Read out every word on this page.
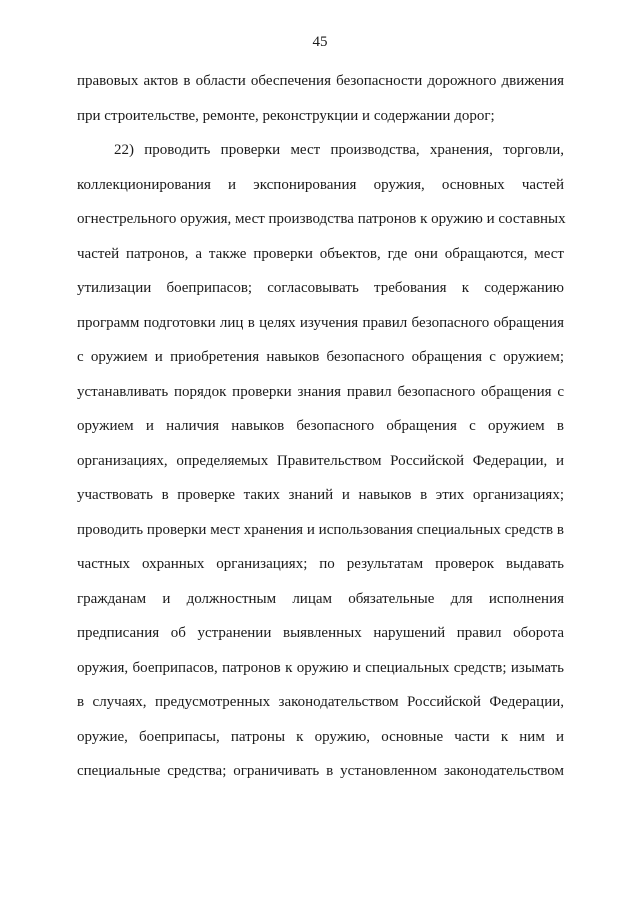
45
правовых актов в области обеспечения безопасности дорожного движения
при строительстве, ремонте, реконструкции и содержании дорог;
22) проводить проверки мест производства, хранения, торговли,
коллекционирования и экспонирования оружия, основных частей
огнестрельного оружия, мест производства патронов к оружию и составных
частей патронов, а также проверки объектов, где они обращаются, мест
утилизации боеприпасов; согласовывать требования к содержанию
программ подготовки лиц в целях изучения правил безопасного обращения
с оружием и приобретения навыков безопасного обращения с оружием;
устанавливать порядок проверки знания правил безопасного обращения с
оружием и наличия навыков безопасного обращения с оружием в
организациях, определяемых Правительством Российской Федерации, и
участвовать в проверке таких знаний и навыков в этих организациях;
проводить проверки мест хранения и использования специальных средств в
частных охранных организациях; по результатам проверок выдавать
гражданам и должностным лицам обязательные для исполнения
предписания об устранении выявленных нарушений правил оборота
оружия, боеприпасов, патронов к оружию и специальных средств; изымать
в случаях, предусмотренных законодательством Российской Федерации,
оружие, боеприпасы, патроны к оружию, основные части к ним и
специальные средства; ограничивать в установленном законодательством
